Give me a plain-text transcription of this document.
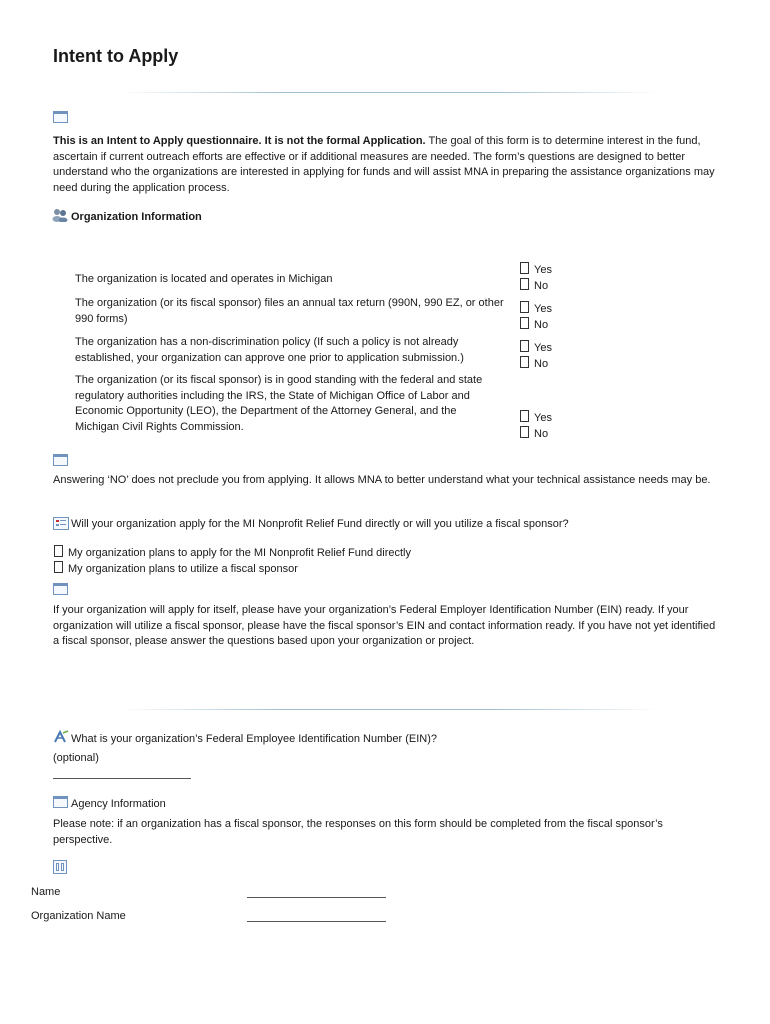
Intent to Apply
This is an Intent to Apply questionnaire. It is not the formal Application. The goal of this form is to determine interest in the fund, ascertain if current outreach efforts are effective or if additional measures are needed. The form’s questions are designed to better understand who the organizations are interested in applying for funds and will assist MNA in preparing the assistance organizations may need during the application process.
Organization Information
The organization is located and operates in Michigan
Yes
No
The organization (or its fiscal sponsor) files an annual tax return (990N, 990 EZ, or other 990 forms)
Yes
No
The organization has a non-discrimination policy (If such a policy is not already established, your organization can approve one prior to application submission.)
Yes
No
The organization (or its fiscal sponsor) is in good standing with the federal and state regulatory authorities including the IRS, the State of Michigan Office of Labor and Economic Opportunity (LEO), the Department of the Attorney General, and the Michigan Civil Rights Commission.
Yes
No
Answering ‘NO’ does not preclude you from applying. It allows MNA to better understand what your technical assistance needs may be.
Will your organization apply for the MI Nonprofit Relief Fund directly or will you utilize a fiscal sponsor?
My organization plans to apply for the MI Nonprofit Relief Fund directly
My organization plans to utilize a fiscal sponsor
If your organization will apply for itself, please have your organization’s Federal Employer Identification Number (EIN) ready. If your organization will utilize a fiscal sponsor, please have the fiscal sponsor’s EIN and contact information ready. If you have not yet identified a fiscal sponsor, please answer the questions based upon your organization or project.
What is your organization’s Federal Employee Identification Number (EIN)?
(optional)
Agency Information
Please note: if an organization has a fiscal sponsor, the responses on this form should be completed from the fiscal sponsor’s perspective.
Name
Organization Name
